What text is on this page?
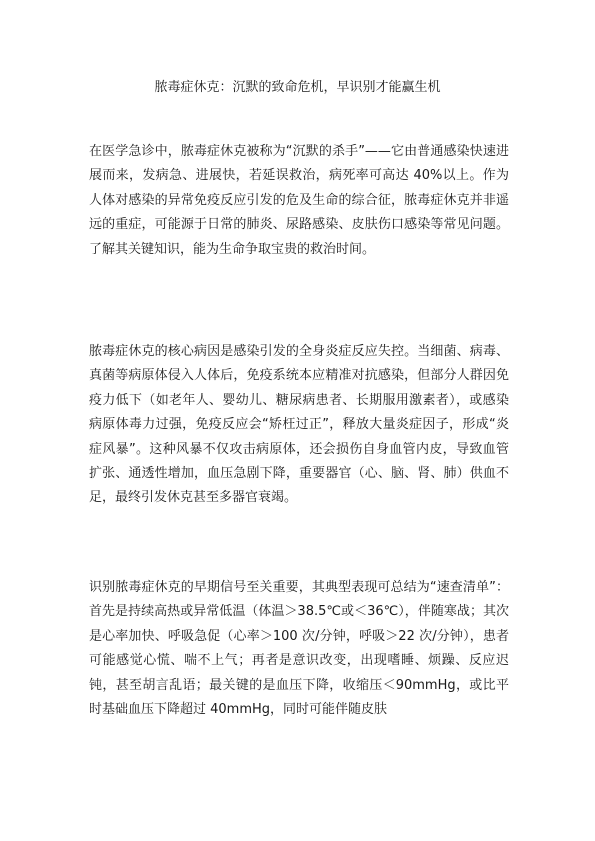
脓毒症休克：沉默的致命危机，早识别才能赢生机

在医学急诊中，脓毒症休克被称为“沉默的杀手”——它由普通感染快速进展而来，发病急、进展快，若延误救治，病死率可高达 40%以上。作为人体对感染的异常免疫反应引发的危及生命的综合征，脓毒症休克并非遥远的重症，可能源于日常的肺炎、尿路感染、皮肤伤口感染等常见问题。了解其关键知识，能为生命争取宝贵的救治时间。

脓毒症休克的核心病因是感染引发的全身炎症反应失控。当细菌、病毒、真菌等病原体侵入人体后，免疫系统本应精准对抗感染，但部分人群因免疫力低下（如老年人、婴幼儿、糖尿病患者、长期服用激素者），或感染病原体毒力过强，免疫反应会“矫枉过正”，释放大量炎症因子，形成“炎症风暴”。这种风暴不仅攻击病原体，还会损伤自身血管内皮，导致血管扩张、通透性增加，血压急剧下降，重要器官（心、脑、肾、肺）供血不足，最终引发休克甚至多器官衰竭。

识别脓毒症休克的早期信号至关重要，其典型表现可总结为“速查清单”：首先是持续高热或异常低温（体温＞38.5℃或＜36℃），伴随寒战；其次是心率加快、呼吸急促（心率＞100 次/分钟，呼吸＞22 次/分钟），患者可能感觉心慌、喘不上气；再者是意识改变，出现嗜睡、烦躁、反应迟钝，甚至胡言乱语；最关键的是血压下降，收缩压＜90mmHg，或比平时基础血压下降超过 40mmHg，同时可能伴随皮肤
